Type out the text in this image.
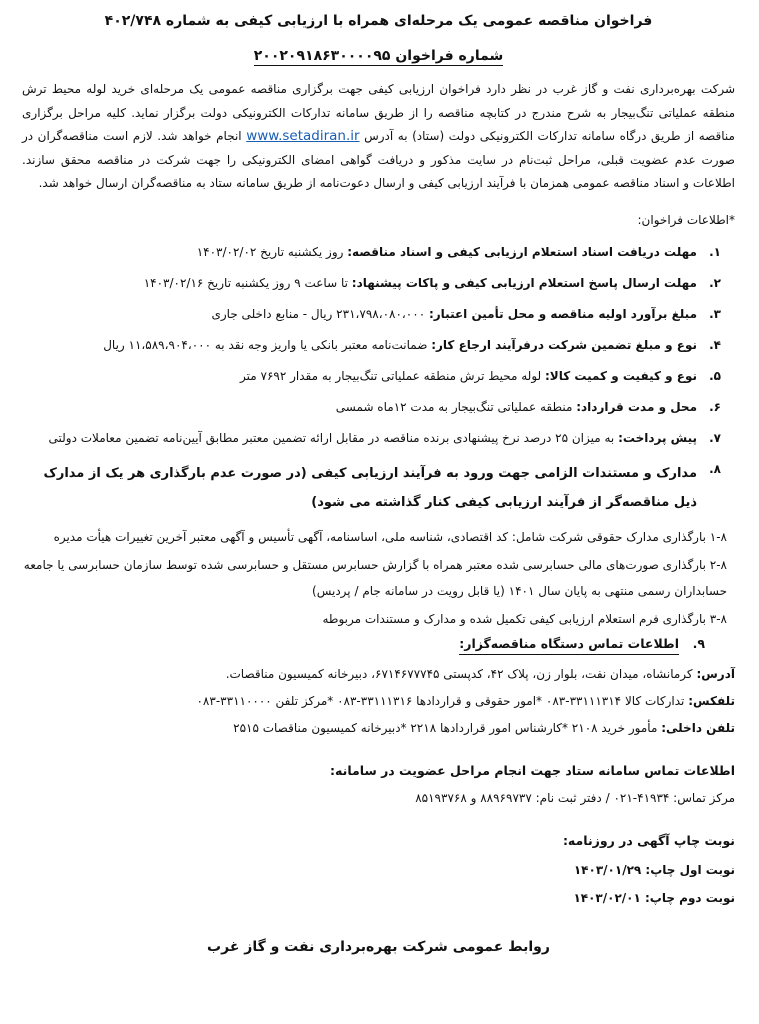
فراخوان مناقصه عمومی یک مرحله‌ای همراه با ارزیابی کیفی به شماره ۴۰۲/۷۴۸
شماره فراخوان ۲۰۰۲۰۹۱۸۶۳۰۰۰۰۹۵

شرکت بهره‌برداری نفت و گاز غرب در نظر دارد فراخوان ارزیابی کیفی جهت برگزاری مناقصه عمومی یک مرحله‌ای خرید لوله محیط ترش منطقه عملیاتی تنگ‌بیجار به شرح مندرج در کتابچه مناقصه را از طریق سامانه تدارکات الکترونیکی دولت برگزار نماید. کلیه مراحل برگزاری مناقصه از طریق درگاه سامانه تدارکات الکترونیکی دولت (ستاد) به آدرس www.setadiran.ir انجام خواهد شد. لازم است مناقصه‌گران در صورت عدم عضویت قبلی، مراحل ثبت‌نام در سایت مذکور و دریافت گواهی امضای الکترونیکی را جهت شرکت در مناقصه محقق سازند. اطلاعات و اسناد مناقصه عمومی همزمان با فرآیند ارزیابی کیفی و ارسال دعوت‌نامه از طریق سامانه ستاد به مناقصه‌گران ارسال خواهد شد.

*اطلاعات فراخوان:
۱.
مهلت دریافت اسناد استعلام ارزیابی کیفی و اسناد مناقصه: روز یکشنبه تاریخ ۱۴۰۳/۰۲/۰۲
۲.
مهلت ارسال پاسخ استعلام ارزیابی کیفی و پاکات پیشنهاد: تا ساعت ۹ روز یکشنبه تاریخ ۱۴۰۳/۰۲/۱۶
۳.
مبلغ برآورد اولیه مناقصه و محل تأمین اعتبار: ۲۳۱،۷۹۸،۰۸۰،۰۰۰ ریال - منابع داخلی جاری
۴.
نوع و مبلغ تضمین شرکت درفرآیند ارجاع کار: ضمانت‌نامه معتبر بانکی یا واریز وجه نقد به ۱۱،۵۸۹،۹۰۴،۰۰۰ ریال
۵.
نوع و کیفیت و کمیت کالا: لوله محیط ترش منطقه عملیاتی تنگ‌بیجار به مقدار ۷۶۹۲ متر
۶.
محل و مدت قرارداد: منطقه عملیاتی تنگ‌بیجار به مدت ۱۲ماه شمسی
۷.
پیش پرداخت: به میزان ۲۵ درصد نرخ پیشنهادی برنده مناقصه در مقابل ارائه تضمین معتبر مطابق آیین‌نامه تضمین معاملات دولتی
۸.
مدارک و مستندات الزامی جهت ورود به فرآیند ارزیابی کیفی (در صورت عدم بارگذاری هر یک از مدارک ذیل مناقصه‌گر از فرآیند ارزیابی کیفی کنار گذاشته می شود)
۱-۸ بارگذاری مدارک حقوقی شرکت شامل: کد اقتصادی، شناسه ملی، اساسنامه، آگهی تأسیس و آگهی معتبر آخرین تغییرات هیأت مدیره
۲-۸ بارگذاری صورت‌های مالی حسابرسی شده معتبر همراه با گزارش حسابرس مستقل و حسابرسی شده توسط سازمان حسابرسی یا جامعه حسابداران رسمی منتهی به پایان سال ۱۴۰۱ (یا قابل رویت در سامانه جام / پردیس)
۳-۸ بارگذاری فرم استعلام ارزیابی کیفی تکمیل شده و مدارک و مستندات مربوطه
۹.
اطلاعات تماس دستگاه مناقصه‌گزار:
آدرس: کرمانشاه، میدان نفت، بلوار زن، پلاک ۴۲، کدپستی ۶۷۱۴۶۷۷۷۴۵، دبیرخانه کمیسیون مناقصات.
تلفکس: تدارکات کالا ۳۳۱۱۱۳۱۴-۰۸۳ *امور حقوقی و قراردادها ۳۳۱۱۱۳۱۶-۰۸۳ *مرکز تلفن ۳۳۱۱۰۰۰۰-۰۸۳
تلفن داخلی: مأمور خرید ۲۱۰۸ *کارشناس امور قراردادها ۲۲۱۸ *دبیرخانه کمیسیون مناقصات ۲۵۱۵
اطلاعات تماس سامانه ستاد جهت انجام مراحل عضویت در سامانه:
مرکز تماس: ۴۱۹۳۴-۰۲۱ / دفتر ثبت نام: ۸۸۹۶۹۷۳۷ و ۸۵۱۹۳۷۶۸
نوبت چاپ آگهی در روزنامه:
نوبت اول چاپ: ۱۴۰۳/۰۱/۲۹
نوبت دوم چاپ: ۱۴۰۳/۰۲/۰۱
روابط عمومی شرکت بهره‌برداری نفت و گاز غرب
